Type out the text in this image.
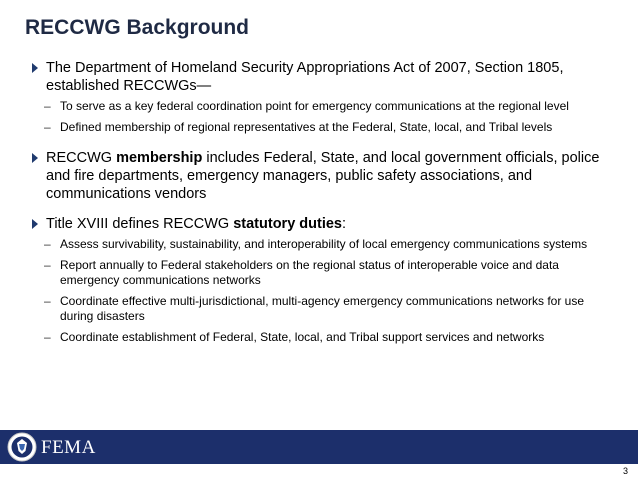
RECCWG Background
The Department of Homeland Security Appropriations Act of 2007, Section 1805, established RECCWGs—
– To serve as a key federal coordination point for emergency communications at the regional level
– Defined membership of regional representatives at the Federal, State, local, and Tribal levels
RECCWG membership includes Federal, State, and local government officials, police and fire departments, emergency managers, public safety associations, and communications vendors
Title XVIII defines RECCWG statutory duties:
– Assess survivability, sustainability, and interoperability of local emergency communications systems
– Report annually to Federal stakeholders on the regional status of interoperable voice and data emergency communications networks
– Coordinate effective multi-jurisdictional, multi-agency emergency communications networks for use during disasters
– Coordinate establishment of Federal, State, local, and Tribal support services and networks
FEMA
3
